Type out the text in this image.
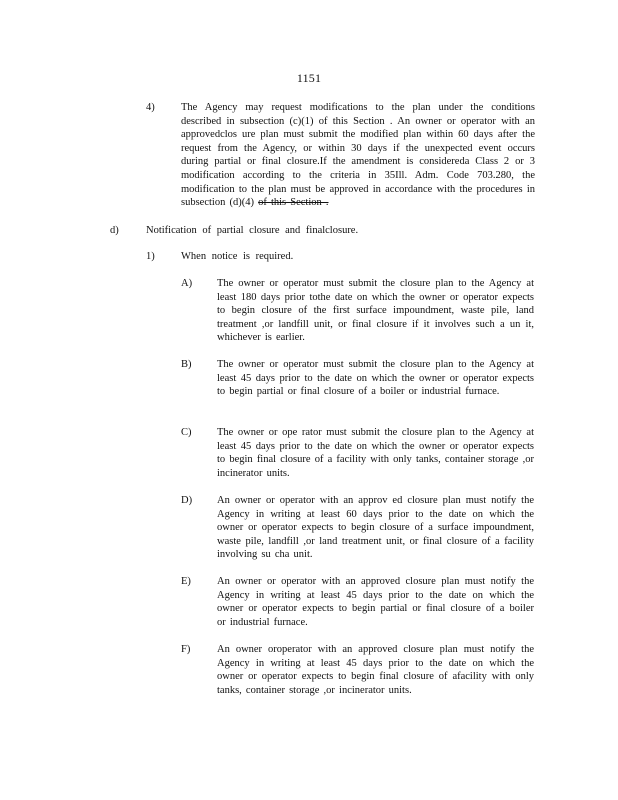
1151
4)	The Agency may request modifications to the plan under the conditions described in subsection (c)(1) of this Section . An owner or operator with an approvedclos ure plan must submit the modified plan within 60 days after the request from the Agency, or within 30 days if the unexpected event occurs during partial or final closure.If the amendment is considereda Class 2 or 3 modification according to the criteria in 35Ill. Adm. Code 703.280, the modification to the plan must be approved in accordance with the procedures in subsection (d)(4) of this Section .
d)	Notification of partial closure and finalclosure.
1)	When notice is required.
A) The owner or operator must submit the closure plan to the Agency at least 180 days prior tothe date on which the owner or operator expects to begin closure of the first surface impoundment, waste pile, land treatment ,or landfill unit, or final closure if it involves such a un it, whichever is earlier.
B) The owner or operator must submit the closure plan to the Agency at least 45 days prior to the date on which the owner or operator expects to begin partial or final closure of a boiler or industrial furnace.
C) The owner or ope rator must submit the closure plan to the Agency at least 45 days prior to the date on which the owner or operator expects to begin final closure of a facility with only tanks, container storage ,or incinerator units.
D) An owner or operator with an approv ed closure plan must notify the Agency in writing at least 60 days prior to the date on which the owner or operator expects to begin closure of a surface impoundment, waste pile, landfill ,or land treatment unit, or final closure of a facility involving su cha unit.
E) An owner or operator with an approved closure plan must notify the Agency in writing at least 45 days prior to the date on which the owner or operator expects to begin partial or final closure of a boiler or industrial furnace.
F)	An owner oroperator with an approved closure plan must notify the Agency in writing at least 45 days prior to the date on which the owner or operator expects to begin final closure of afacility with only tanks, container storage ,or incinerator units.
